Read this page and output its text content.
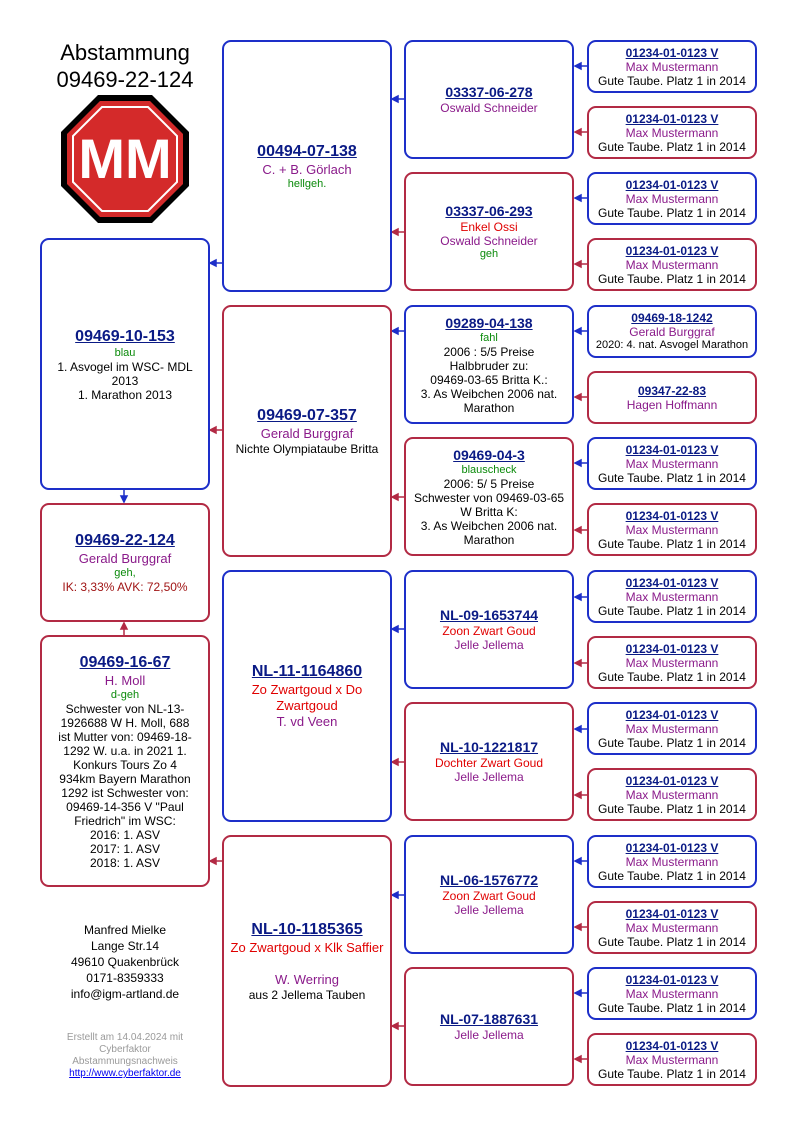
Abstammung
09469-22-124
MM
09469-10-153
blau
1. Asvogel im WSC- MDL 2013
1. Marathon 2013
09469-22-124
Gerald Burggraf
geh,
IK: 3,33% AVK: 72,50%
09469-16-67
H. Moll
d-geh
Schwester von NL-13-1926688 W H. Moll, 688 ist Mutter von: 09469-18-1292 W. u.a. in 2021 1. Konkurs Tours Zo 4 934km Bayern Marathon 1292 ist Schwester von: 09469-14-356 V "Paul Friedrich" im WSC:
2016: 1. ASV
2017: 1. ASV
2018: 1. ASV
Manfred Mielke
Lange Str.14
49610 Quakenbrück
0171-8359333
info@igm-artland.de
Erstellt am 14.04.2024 mit
Cyberfaktor
Abstammungsnachweis
http://www.cyberfaktor.de
00494-07-138
C. + B. Görlach
hellgeh.
09469-07-357
Gerald Burggraf
Nichte Olympiataube Britta
NL-11-1164860
Zo Zwartgoud x Do Zwartgoud
T. vd Veen
NL-10-1185365
Zo Zwartgoud x Klk Saffier
W. Werring
aus 2 Jellema Tauben
03337-06-278
Oswald Schneider
03337-06-293
Enkel Ossi
Oswald Schneider
geh
09289-04-138
fahl
2006 : 5/5 Preise
Halbbruder zu:
09469-03-65 Britta K.:
3. As Weibchen 2006 nat. Marathon
09469-04-3
blauscheck
2006: 5/ 5 Preise
Schwester von 09469-03-65 W Britta K:
3. As Weibchen 2006 nat. Marathon
NL-09-1653744
Zoon Zwart Goud
Jelle Jellema
NL-10-1221817
Dochter Zwart Goud
Jelle Jellema
NL-06-1576772
Zoon Zwart Goud
Jelle Jellema
NL-07-1887631
Jelle Jellema
01234-01-0123 V
Max Mustermann
Gute Taube. Platz 1 in 2014
01234-01-0123 V
Max Mustermann
Gute Taube. Platz 1 in 2014
01234-01-0123 V
Max Mustermann
Gute Taube. Platz 1 in 2014
01234-01-0123 V
Max Mustermann
Gute Taube. Platz 1 in 2014
09469-18-1242
Gerald Burggraf
2020: 4. nat. Asvogel Marathon
09347-22-83
Hagen Hoffmann
01234-01-0123 V
Max Mustermann
Gute Taube. Platz 1 in 2014
01234-01-0123 V
Max Mustermann
Gute Taube. Platz 1 in 2014
01234-01-0123 V
Max Mustermann
Gute Taube. Platz 1 in 2014
01234-01-0123 V
Max Mustermann
Gute Taube. Platz 1 in 2014
01234-01-0123 V
Max Mustermann
Gute Taube. Platz 1 in 2014
01234-01-0123 V
Max Mustermann
Gute Taube. Platz 1 in 2014
01234-01-0123 V
Max Mustermann
Gute Taube. Platz 1 in 2014
01234-01-0123 V
Max Mustermann
Gute Taube. Platz 1 in 2014
01234-01-0123 V
Max Mustermann
Gute Taube. Platz 1 in 2014
01234-01-0123 V
Max Mustermann
Gute Taube. Platz 1 in 2014
